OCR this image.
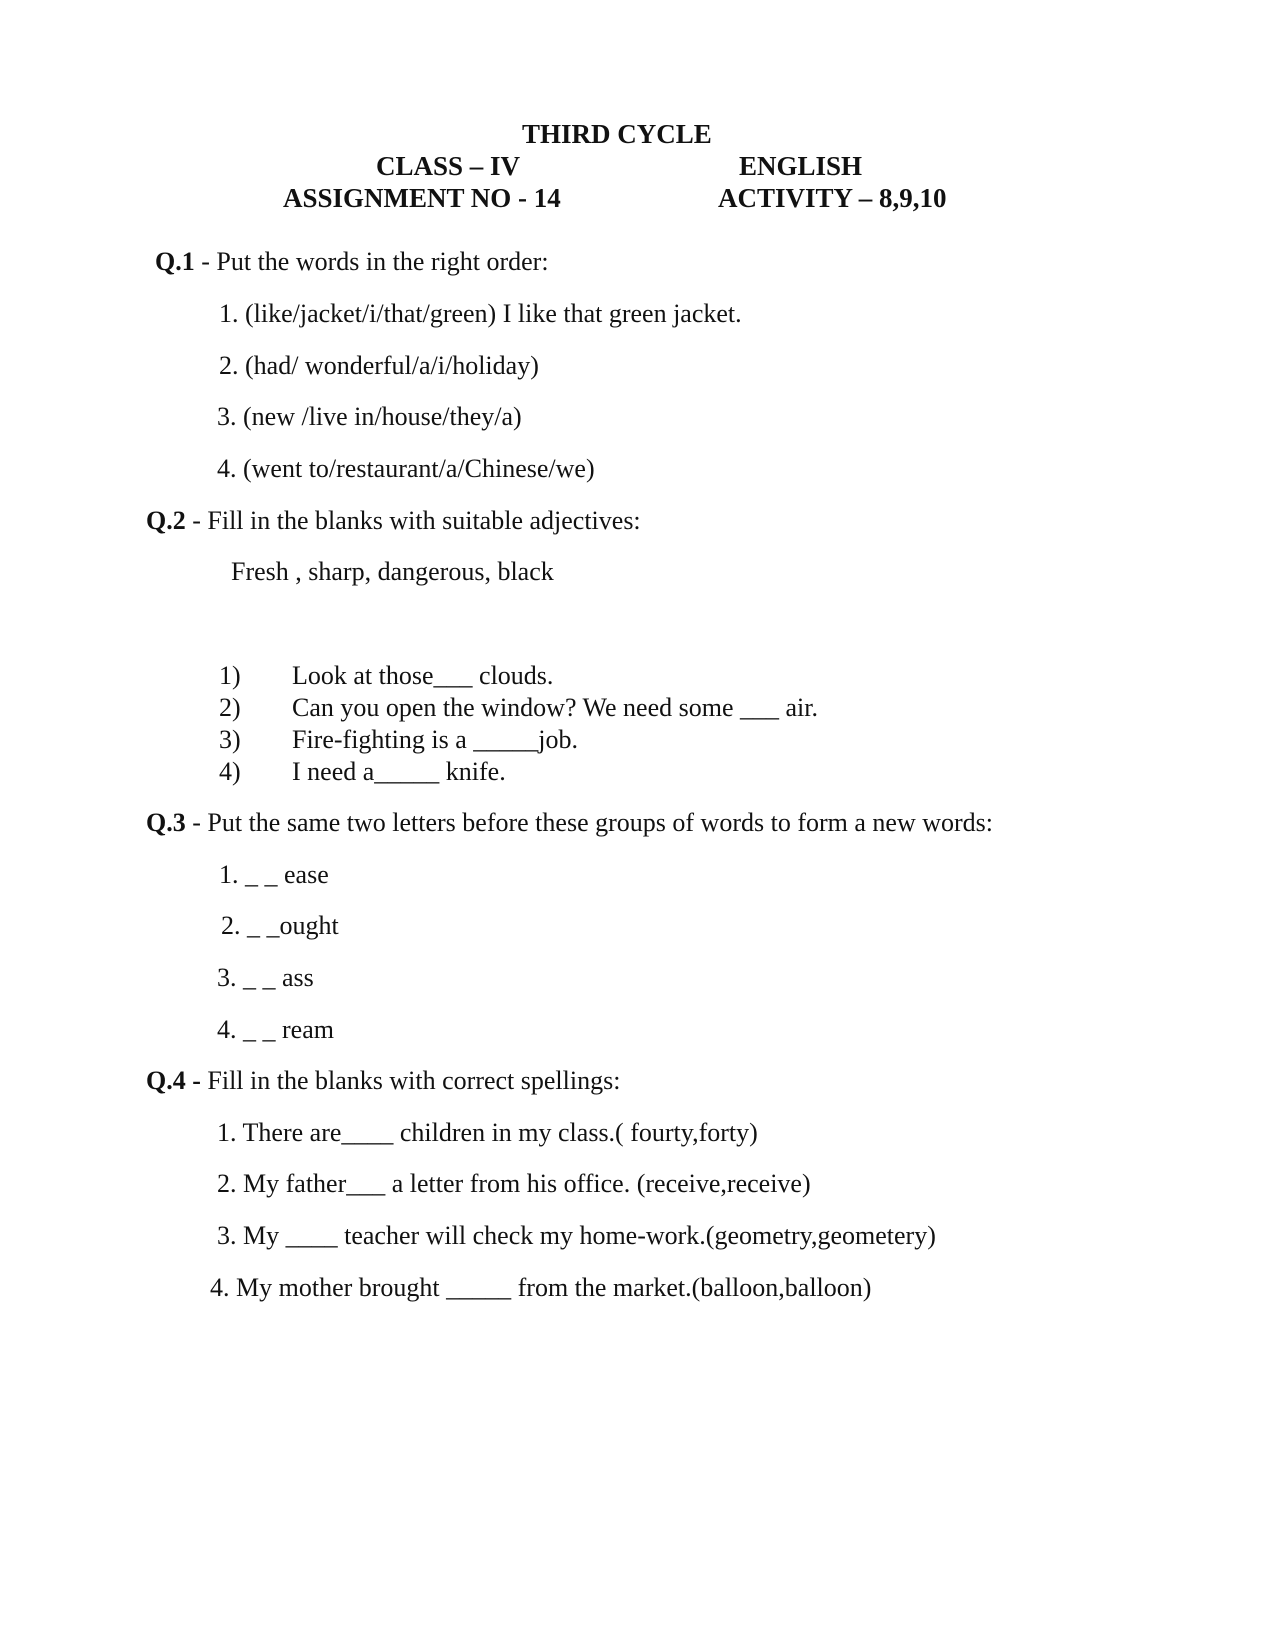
THIRD CYCLE
CLASS – IV	ENGLISH
ASSIGNMENT NO - 14	ACTIVITY – 8,9,10
Q.1 - Put the words in the right order:
1. (like/jacket/i/that/green) I like that green jacket.
2. (had/ wonderful/a/i/holiday)
3. (new /live in/house/they/a)
4. (went to/restaurant/a/Chinese/we)
Q.2 - Fill in the blanks with suitable adjectives:
Fresh , sharp, dangerous, black
1) Look at those___ clouds.
2) Can you open the window? We need some ___ air.
3) Fire-fighting is a _____job.
4) I need a_____ knife.
Q.3 - Put the same two letters before these groups of words to form a new words:
1. _ _ ease
2. _ _ought
3. _ _ ass
4. _ _ ream
Q.4 - Fill in the blanks with correct spellings:
1. There are____ children in my class.( fourty,forty)
2. My father___ a letter from his office. (receive,receive)
3. My ____ teacher will check my home-work.(geometry,geometery)
4. My mother brought _____ from the market.(balloon,balloon)
